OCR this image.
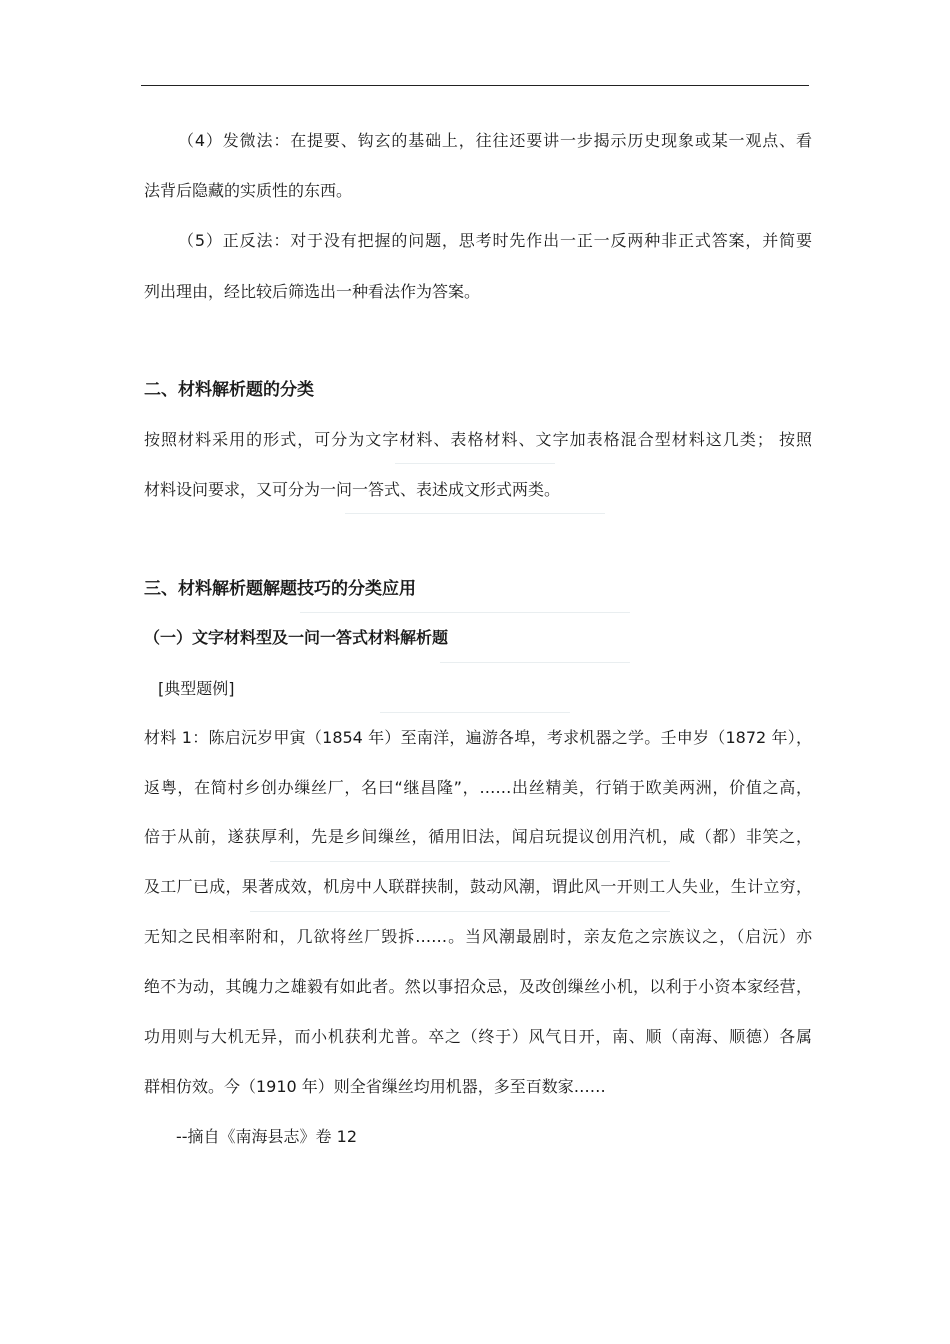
（4）发微法：在提要、钩玄的基础上，往往还要讲一步揭示历史现象或某一观点、看
法背后隐藏的实质性的东西。
（5）正反法：对于没有把握的问题，思考时先作出一正一反两种非正式答案，并简要
列出理由，经比较后筛选出一种看法作为答案。
二、材料解析题的分类
按照材料采用的形式，可分为文字材料、表格材料、文字加表格混合型材料这几类； 按照
材料设问要求，又可分为一问一答式、表述成文形式两类。
三、材料解析题解题技巧的分类应用
（一）文字材料型及一问一答式材料解析题
[典型题例]
材料 1：陈启沅岁甲寅（1854 年）至南洋，遍游各埠，考求机器之学。壬申岁（1872 年），
返粤，在简村乡创办缫丝厂，名曰“继昌隆”，……出丝精美，行销于欧美两洲，价值之高，
倍于从前，遂获厚利，先是乡间缫丝，循用旧法，闻启玩提议创用汽机，咸（都）非笑之，
及工厂已成，果著成效，机房中人联群挟制，鼓动风潮，谓此风一开则工人失业，生计立穷，
无知之民相率附和，几欲将丝厂毁拆……。当风潮最剧时，亲友危之宗族议之，（启沅）亦
绝不为动，其魄力之雄毅有如此者。然以事招众忌，及改创缫丝小机，以利于小资本家经营，
功用则与大机无异，而小机获利尤普。卒之（终于）风气日开，南、顺（南海、顺德）各属
群相仿效。今（1910 年）则全省缫丝均用机器，多至百数家……
--摘自《南海县志》卷 12
